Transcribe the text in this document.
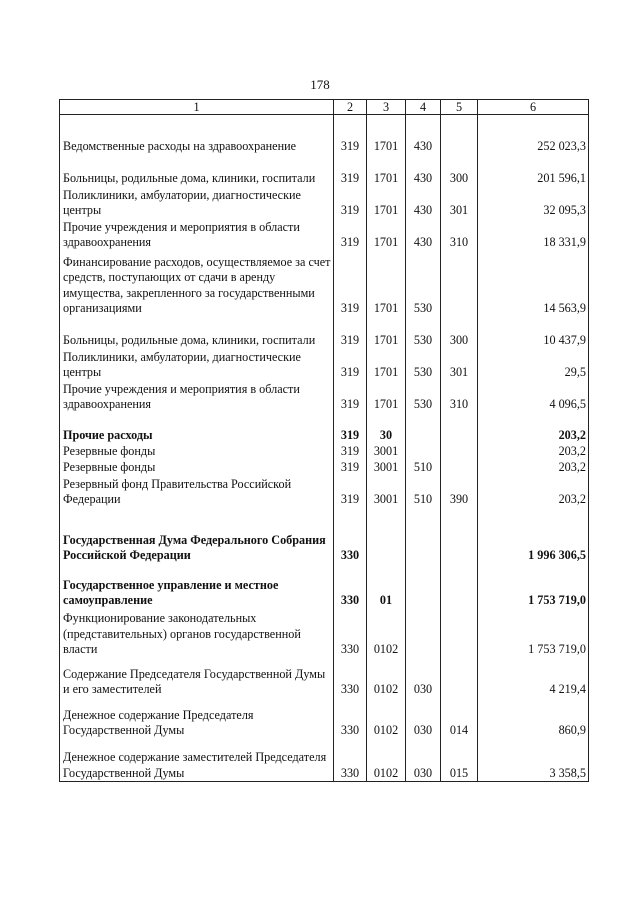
178
1	2	3	4	5	6

Ведомственные расходы на здравоохранение	319	1701	430		252 023,3
Больницы, родильные дома, клиники, госпитали	319	1701	430	300	201 596,1
Поликлиники, амбулатории, диагностические центры	319	1701	430	301	32 095,3
Прочие учреждения и мероприятия в области здравоохранения	319	1701	430	310	18 331,9
Финансирование расходов, осуществляемое за счет средств, поступающих от сдачи в аренду имущества, закрепленного за государственными организациями	319	1701	530		14 563,9
Больницы, родильные дома, клиники, госпитали	319	1701	530	300	10 437,9
Поликлиники, амбулатории, диагностические центры	319	1701	530	301	29,5
Прочие учреждения и мероприятия в области здравоохранения	319	1701	530	310	4 096,5
Прочие расходы	319	30			203,2
Резервные фонды	319	3001			203,2
Резервные фонды	319	3001	510		203,2
Резервный фонд Правительства Российской Федерации	319	3001	510	390	203,2
Государственная Дума Федерального Собрания Российской Федерации	330				1 996 306,5
Государственное управление и местное самоуправление	330	01			1 753 719,0
Функционирование законодательных (представительных) органов государственной власти	330	0102			1 753 719,0
Содержание Председателя Государственной Думы и его заместителей	330	0102	030		4 219,4
Денежное содержание Председателя Государственной Думы	330	0102	030	014	860,9
Денежное содержание заместителей Председателя Государственной Думы	330	0102	030	015	3 358,5
